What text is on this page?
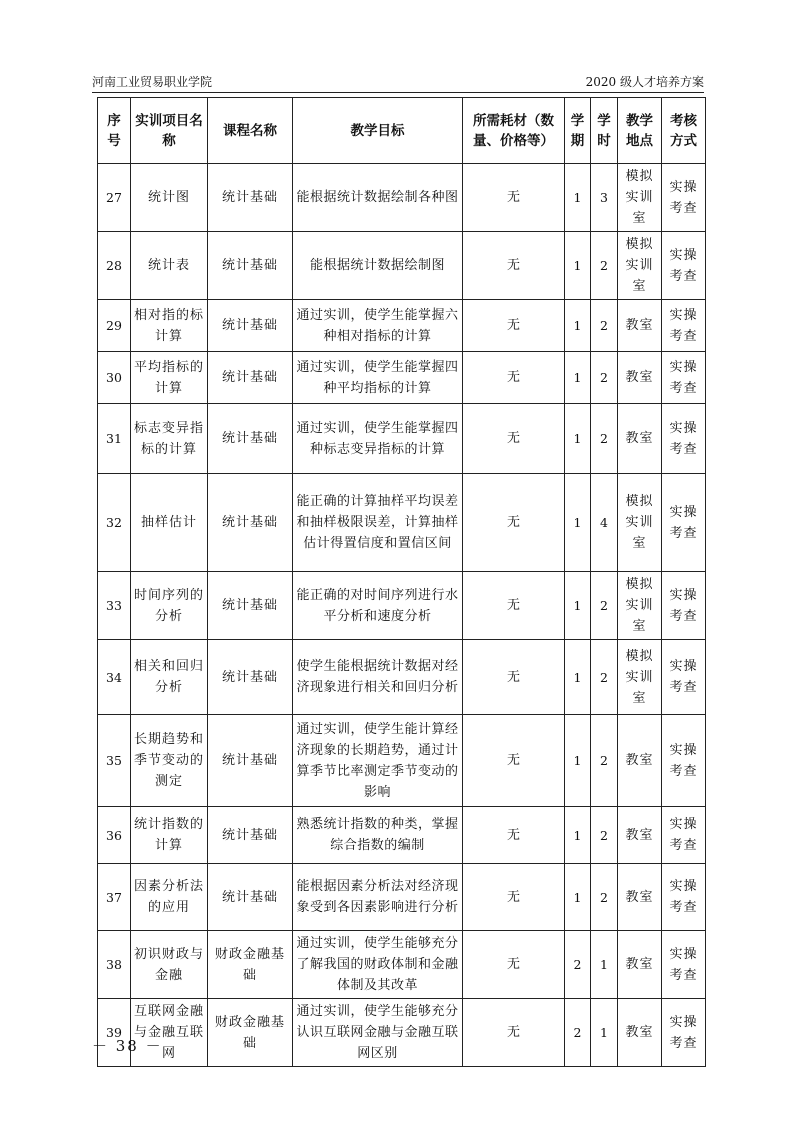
河南工业贸易职业学院	2020 级人才培养方案
序号	实训项目名称	课程名称	教学目标	所需耗材（数量、价格等）	学期	学时	教学地点	考核方式
27	统计图	统计基础	能根据统计数据绘制各种图	无	1	3	模拟实训室	实操考查
28	统计表	统计基础	能根据统计数据绘制图	无	1	2	模拟实训室	实操考查
29	相对指的标计算	统计基础	通过实训，使学生能掌握六种相对指标的计算	无	1	2	教室	实操考查
30	平均指标的计算	统计基础	通过实训，使学生能掌握四种平均指标的计算	无	1	2	教室	实操考查
31	标志变异指标的计算	统计基础	通过实训，使学生能掌握四种标志变异指标的计算	无	1	2	教室	实操考查
32	抽样估计	统计基础	能正确的计算抽样平均误差和抽样极限误差，计算抽样估计得置信度和置信区间	无	1	4	模拟实训室	实操考查
33	时间序列的分析	统计基础	能正确的对时间序列进行水平分析和速度分析	无	1	2	模拟实训室	实操考查
34	相关和回归分析	统计基础	使学生能根据统计数据对经济现象进行相关和回归分析	无	1	2	模拟实训室	实操考查
35	长期趋势和季节变动的测定	统计基础	通过实训，使学生能计算经济现象的长期趋势，通过计算季节比率测定季节变动的影响	无	1	2	教室	实操考查
36	统计指数的计算	统计基础	熟悉统计指数的种类，掌握综合指数的编制	无	1	2	教室	实操考查
37	因素分析法的应用	统计基础	能根据因素分析法对经济现象受到各因素影响进行分析	无	1	2	教室	实操考查
38	初识财政与金融	财政金融基础	通过实训，使学生能够充分了解我国的财政体制和金融体制及其改革	无	2	1	教室	实操考查
39	互联网金融与金融互联网	财政金融基础	通过实训，使学生能够充分认识互联网金融与金融互联网区别	无	2	1	教室	实操考查
－ 38 －
